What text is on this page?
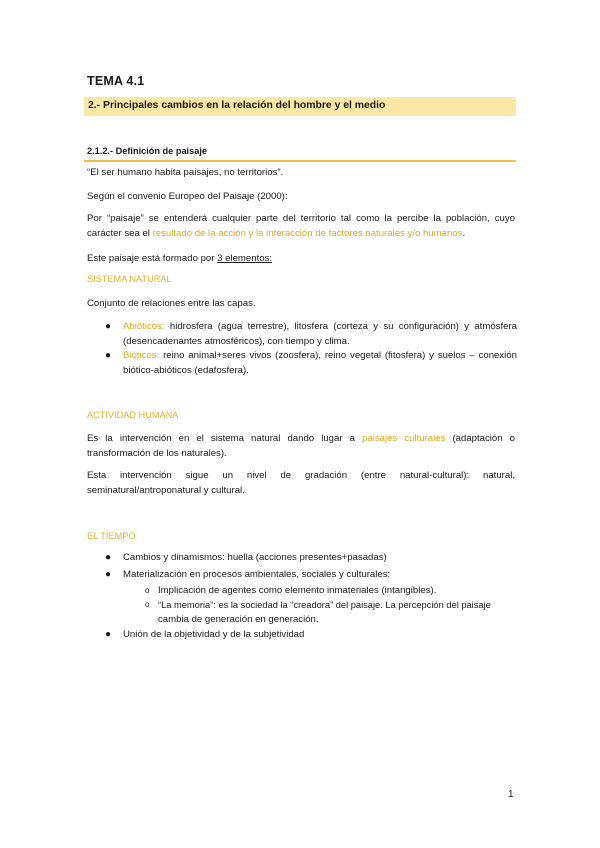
TEMA 4.1
2.- Principales cambios en la relación del hombre y el medio
2.1.2.- Definición de paisaje
“El ser humano habita paisajes, no territorios”.
Según el convenio Europeo del Paisaje (2000):
Por “paisaje” se entenderá cualquier parte del territorio tal como la percibe la población, cuyo
carácter sea el resultado de la acción y la interacción de factores naturales y/o humanos.
Este paisaje está formado por 3 elementos:
SISTEMA NATURAL
Conjunto de relaciones entre las capas.
● Abióticos: hidrosfera (agua terrestre), litosfera (corteza y su configuración) y atmósfera
(desencadenantes atmosféricos), con tiempo y clima.
● Bióticos: reino animal+seres vivos (zoosfera), reino vegetal (fitosfera) y suelos – conexión
biótico-abióticos (edafosfera).
ACTIVIDAD HUMANA
Es la intervención en el sistema natural dando lugar a paisajes culturales (adaptación o
transformación de los naturales).
Esta intervención sigue un nivel de gradación (entre natural-cultural): natural,
seminatural/antroponatural y cultural.
EL TIEMPO
● Cambios y dinamismos: huella (acciones presentes+pasadas)
● Materialización en procesos ambientales, sociales y culturales:
o Implicación de agentes como elemento inmateriales (intangibles).
o “La memoria”: es la sociedad la “creadora” del paisaje. La percepción del paisaje
cambia de generación en generación.
● Unión de la objetividad y de la subjetividad
1
